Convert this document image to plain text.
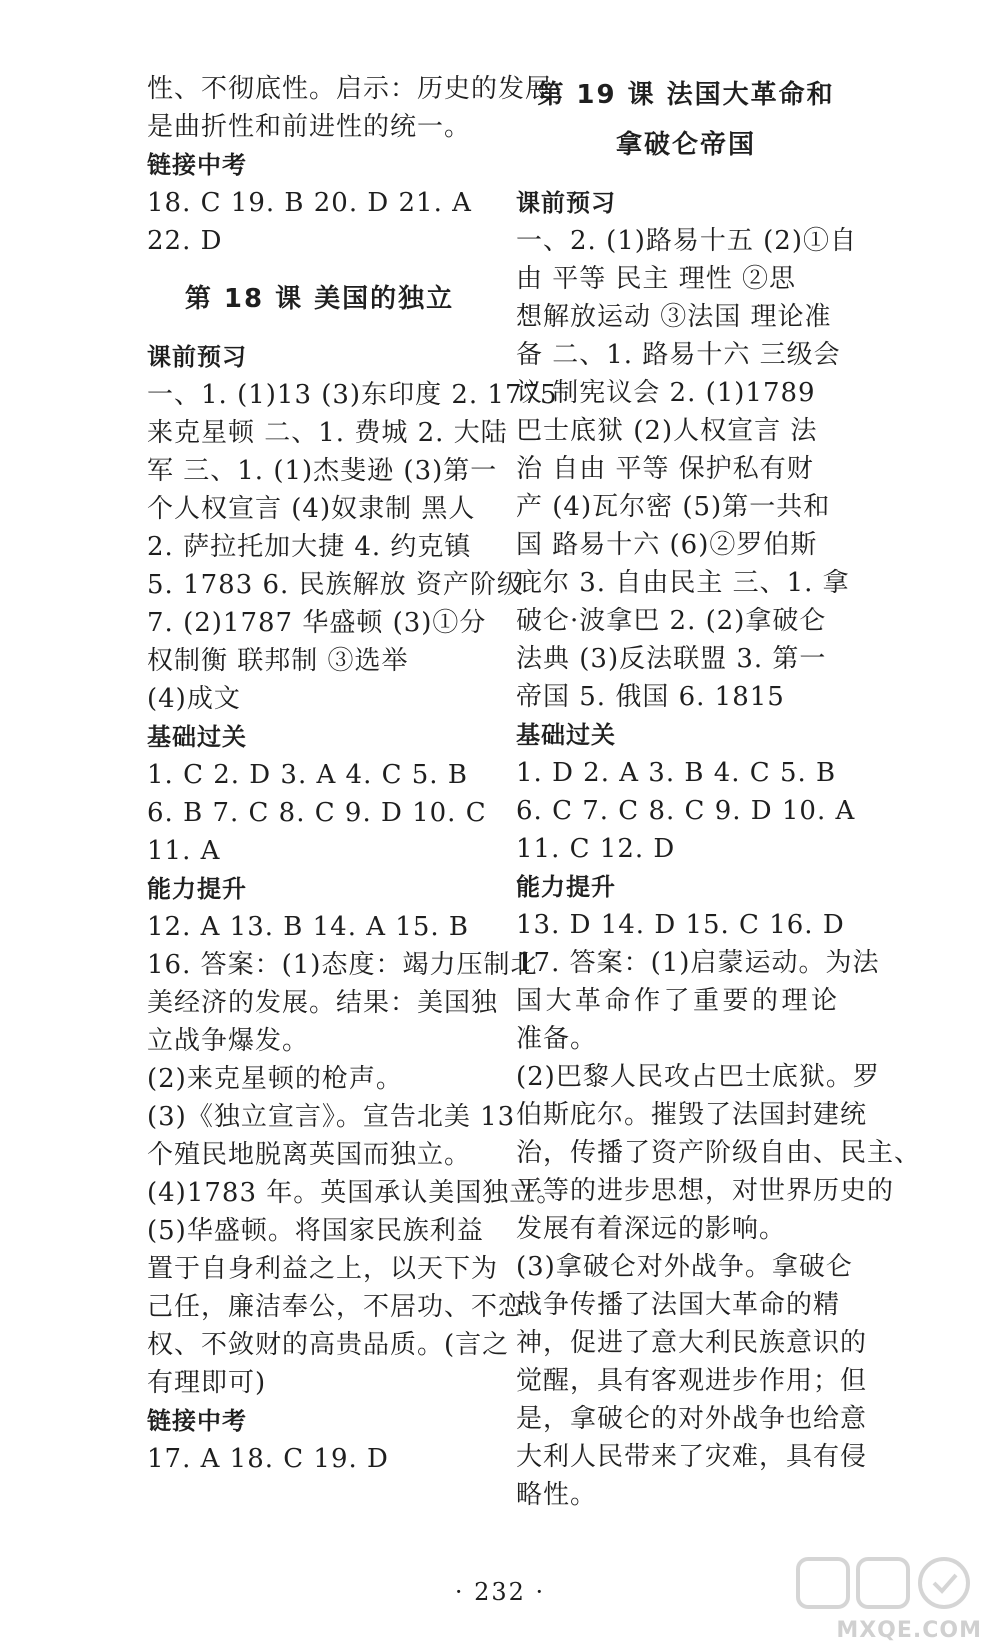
性、不彻底性。启示：历史的发展
是曲折性和前进性的统一。
链接中考
18. C 19. B 20. D 21. A
22. D
第 18 课 美国的独立
课前预习
一、1. (1)13 (3)东印度 2. 1775
来克星顿 二、1. 费城 2. 大陆
军 三、1. (1)杰斐逊 (3)第一
个人权宣言 (4)奴隶制 黑人
2. 萨拉托加大捷 4. 约克镇
5. 1783 6. 民族解放 资产阶级
7. (2)1787 华盛顿 (3)①分
权制衡 联邦制 ③选举
(4)成文
基础过关
1. C 2. D 3. A 4. C 5. B
6. B 7. C 8. C 9. D 10. C
11. A
能力提升
12. A 13. B 14. A 15. B
16. 答案：(1)态度：竭力压制北
美经济的发展。结果：美国独
立战争爆发。
(2)来克星顿的枪声。
(3)《独立宣言》。宣告北美 13
个殖民地脱离英国而独立。
(4)1783 年。英国承认美国独立。
(5)华盛顿。将国家民族利益
置于自身利益之上，以天下为
己任，廉洁奉公，不居功、不恋
权、不敛财的高贵品质。(言之
有理即可)
链接中考
17. A 18. C 19. D
第 19 课 法国大革命和
拿破仑帝国
课前预习
一、2. (1)路易十五 (2)①自
由 平等 民主 理性 ②思
想解放运动 ③法国 理论准
备 二、1. 路易十六 三级会
议 制宪议会 2. (1)1789
巴士底狱 (2)人权宣言 法
治 自由 平等 保护私有财
产 (4)瓦尔密 (5)第一共和
国 路易十六 (6)②罗伯斯
庇尔 3. 自由民主 三、1. 拿
破仑·波拿巴 2. (2)拿破仑
法典 (3)反法联盟 3. 第一
帝国 5. 俄国 6. 1815
基础过关
1. D 2. A 3. B 4. C 5. B
6. C 7. C 8. C 9. D 10. A
11. C 12. D
能力提升
13. D 14. D 15. C 16. D
17. 答案：(1)启蒙运动。为法
国大革命作了重要的理论
准备。
(2)巴黎人民攻占巴士底狱。罗
伯斯庇尔。摧毁了法国封建统
治，传播了资产阶级自由、民主、
平等的进步思想，对世界历史的
发展有着深远的影响。
(3)拿破仑对外战争。拿破仑
战争传播了法国大革命的精
神，促进了意大利民族意识的
觉醒，具有客观进步作用；但
是，拿破仑的对外战争也给意
大利人民带来了灾难，具有侵
略性。
· 232 ·
MXQE.COM
